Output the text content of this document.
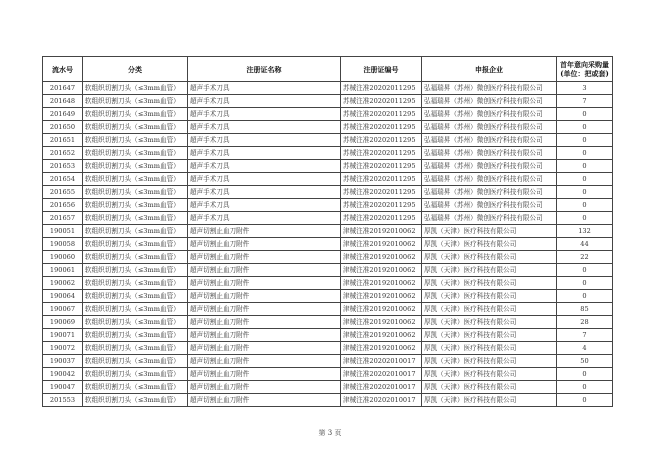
流水号	分类	注册证名称	注册证编号	申报企业	首年意向采购量
(单位：把或套)

201647	软组织切割刀头（≤3mm血管）	超声手术刀具	苏械注准20202011295	弘福瑞昇（苏州）微创医疗科技有限公司	3
201648	软组织切割刀头（≤3mm血管）	超声手术刀具	苏械注准20202011295	弘福瑞昇（苏州）微创医疗科技有限公司	7
201649	软组织切割刀头（≤3mm血管）	超声手术刀具	苏械注准20202011295	弘福瑞昇（苏州）微创医疗科技有限公司	0
201650	软组织切割刀头（≤3mm血管）	超声手术刀具	苏械注准20202011295	弘福瑞昇（苏州）微创医疗科技有限公司	0
201651	软组织切割刀头（≤3mm血管）	超声手术刀具	苏械注准20202011295	弘福瑞昇（苏州）微创医疗科技有限公司	0
201652	软组织切割刀头（≤3mm血管）	超声手术刀具	苏械注准20202011295	弘福瑞昇（苏州）微创医疗科技有限公司	0
201653	软组织切割刀头（≤3mm血管）	超声手术刀具	苏械注准20202011295	弘福瑞昇（苏州）微创医疗科技有限公司	0
201654	软组织切割刀头（≤3mm血管）	超声手术刀具	苏械注准20202011295	弘福瑞昇（苏州）微创医疗科技有限公司	0
201655	软组织切割刀头（≤3mm血管）	超声手术刀具	苏械注准20202011295	弘福瑞昇（苏州）微创医疗科技有限公司	0
201656	软组织切割刀头（≤3mm血管）	超声手术刀具	苏械注准20202011295	弘福瑞昇（苏州）微创医疗科技有限公司	0
201657	软组织切割刀头（≤3mm血管）	超声手术刀具	苏械注准20202011295	弘福瑞昇（苏州）微创医疗科技有限公司	0
190051	软组织切割刀头（≤3mm血管）	超声切割止血刀附件	津械注准20192010062	厚凯（天津）医疗科技有限公司	132
190058	软组织切割刀头（≤3mm血管）	超声切割止血刀附件	津械注准20192010062	厚凯（天津）医疗科技有限公司	44
190060	软组织切割刀头（≤3mm血管）	超声切割止血刀附件	津械注准20192010062	厚凯（天津）医疗科技有限公司	22
190061	软组织切割刀头（≤3mm血管）	超声切割止血刀附件	津械注准20192010062	厚凯（天津）医疗科技有限公司	0
190062	软组织切割刀头（≤3mm血管）	超声切割止血刀附件	津械注准20192010062	厚凯（天津）医疗科技有限公司	0
190064	软组织切割刀头（≤3mm血管）	超声切割止血刀附件	津械注准20192010062	厚凯（天津）医疗科技有限公司	0
190067	软组织切割刀头（≤3mm血管）	超声切割止血刀附件	津械注准20192010062	厚凯（天津）医疗科技有限公司	85
190069	软组织切割刀头（≤3mm血管）	超声切割止血刀附件	津械注准20192010062	厚凯（天津）医疗科技有限公司	28
190071	软组织切割刀头（≤3mm血管）	超声切割止血刀附件	津械注准20192010062	厚凯（天津）医疗科技有限公司	7
190072	软组织切割刀头（≤3mm血管）	超声切割止血刀附件	津械注准20192010062	厚凯（天津）医疗科技有限公司	4
190037	软组织切割刀头（≤3mm血管）	超声切割止血刀附件	津械注准20202010017	厚凯（天津）医疗科技有限公司	50
190042	软组织切割刀头（≤3mm血管）	超声切割止血刀附件	津械注准20202010017	厚凯（天津）医疗科技有限公司	0
190047	软组织切割刀头（≤3mm血管）	超声切割止血刀附件	津械注准20202010017	厚凯（天津）医疗科技有限公司	0
201553	软组织切割刀头（≤3mm血管）	超声切割止血刀附件	津械注准20202010017	厚凯（天津）医疗科技有限公司	0
第 3 页
